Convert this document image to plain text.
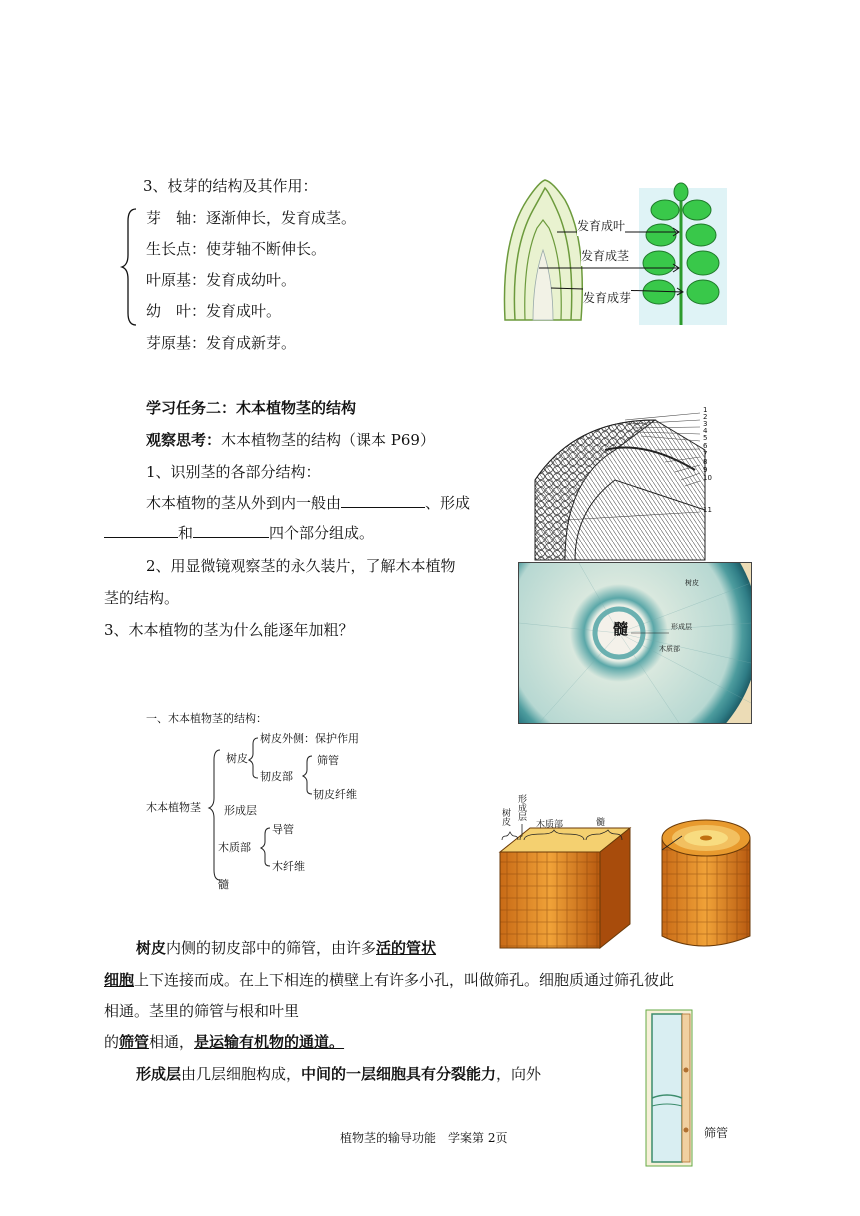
3、枝芽的结构及其作用：
芽　轴：逐渐伸长，发育成茎。
生长点：使芽轴不断伸长。
叶原基：发育成幼叶。
幼　叶：发育成叶。
芽原基：发育成新芽。
发育成叶
发育成茎
发育成芽
学习任务二：木本植物茎的结构
观察思考：木本植物茎的结构（课本 P69）
1、识别茎的各部分结构：
木本植物的茎从外到内一般由	、形成
和	四个部分组成。
2、用显微镜观察茎的永久装片，了解木本植物
茎的结构。
3、木本植物的茎为什么能逐年加粗？
1
2
3
4
5
6
7
8
9
10
11
髓
树皮
形成层
木质部
一、木本植物茎的结构：
木本植物茎
树皮
树皮外侧：保护作用
韧皮部
筛管
韧皮纤维
形成层
木质部
导管
木纤维
髓
树皮
形成层
木质部	髓
树皮内侧的韧皮部中的筛管，由许多活的管状
细胞上下连接而成。在上下相连的横壁上有许多小孔，叫做筛孔。细胞质通过筛孔彼此
相通。茎里的筛管与根和叶里
的筛管相通，是运输有机物的通道。
形成层由几层细胞构成，中间的一层细胞具有分裂能力，向外
筛管
植物茎的输导功能　学案第 2页
